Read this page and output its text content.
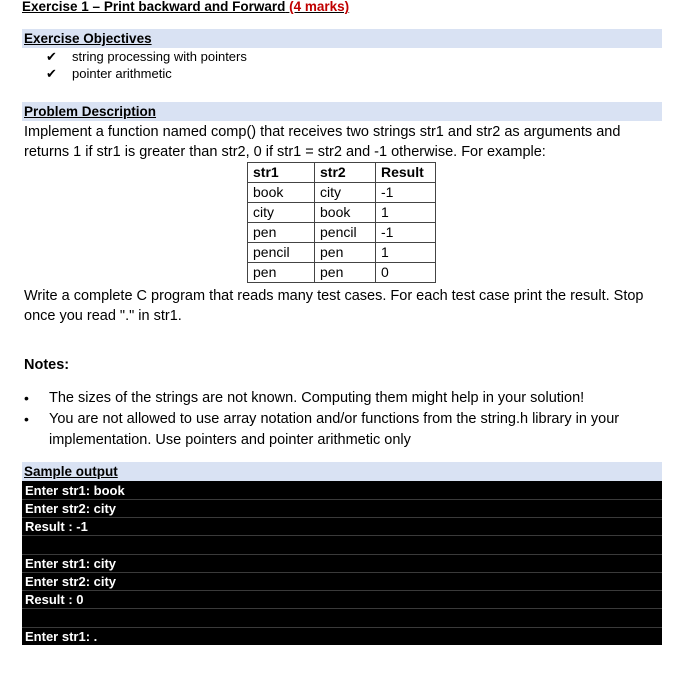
Exercise 1 – Print backward and Forward (4 marks)
Exercise Objectives
✔	string processing with pointers
✔	pointer arithmetic
Problem Description
Implement a function named comp() that receives two strings str1 and str2 as arguments and
returns 1 if str1 is greater than str2, 0 if str1 = str2 and -1 otherwise. For example:
str1	str2	Result
book	city	-1
city	book	1
pen	pencil	-1
pencil	pen	1
pen	pen	0
Write a complete C program that reads many test cases. For each test case print the result. Stop
once you read "." in str1.
Notes:
•	The sizes of the strings are not known. Computing them might help in your solution!
•	You are not allowed to use array notation and/or functions from the string.h library in your
implementation. Use pointers and pointer arithmetic only
Sample output
Enter str1: book
Enter str2: city
Result : -1
Enter str1: city
Enter str2: city
Result : 0
Enter str1: .
